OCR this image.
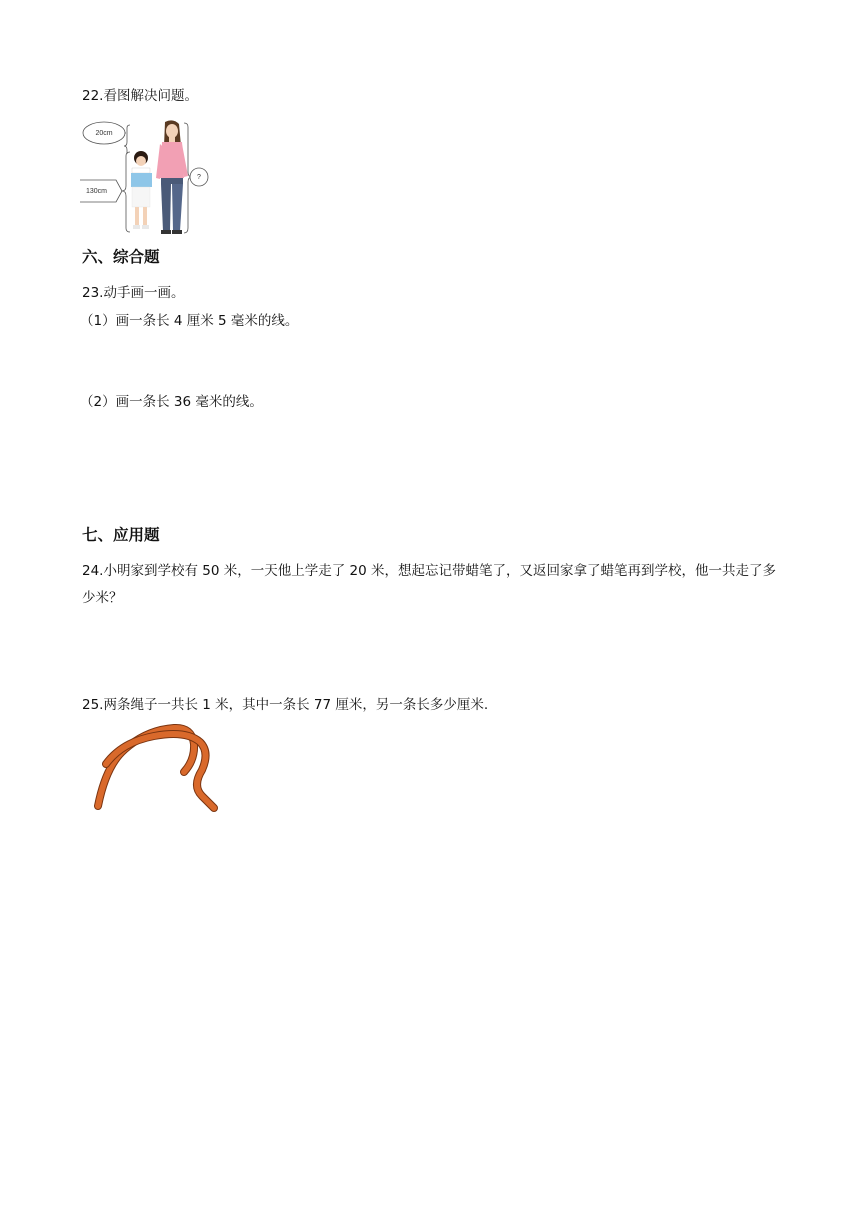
22.看图解决问题。
20cm
130cm
?
六、综合题
23.动手画一画。
（1）画一条长 4 厘米 5 毫米的线。
（2）画一条长 36 毫米的线。
七、应用题
24.小明家到学校有 50 米，一天他上学走了 20 米，想起忘记带蜡笔了，又返回家拿了蜡笔再到学校，他一共走了多少米？
25.两条绳子一共长 1 米，其中一条长 77 厘米，另一条长多少厘米.
